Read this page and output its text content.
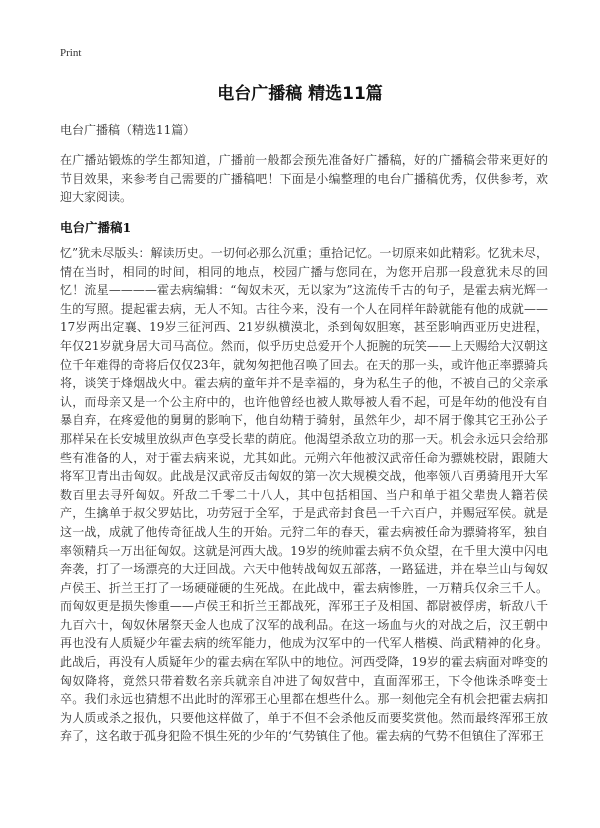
Print
电台广播稿 精选11篇
电台广播稿（精选11篇）

在广播站锻炼的学生都知道，广播前一般都会预先准备好广播稿，好的广播稿会带来更好的节目效果，来参考自己需要的广播稿吧！下面是小编整理的电台广播稿优秀，仅供参考，欢迎大家阅读。

电台广播稿1

忆”犹未尽版头：解读历史。一切何必那么沉重；重拾记忆。一切原来如此精彩。忆犹未尽，情在当时，相同的时间，相同的地点，校园广播与您同在，为您开启那一段意犹未尽的回忆！流星————霍去病编辑：“匈奴未灭，无以家为”这流传千古的句子，是霍去病光辉一生的写照。提起霍去病，无人不知。古往今来，没有一个人在同样年龄就能有他的成就——17岁两出定襄、19岁三征河西、21岁纵横漠北，杀到匈奴胆寒，甚至影响西亚历史进程，年仅21岁就身居大司马高位。然而，似乎历史总爱开个人扼腕的玩笑——上天赐给大汉朝这位千年难得的奇将后仅仅23年，就匆匆把他召唤了回去。在天的那一头，或许他正率骠骑兵将，谈笑于烽烟战火中。霍去病的童年并不是幸福的，身为私生子的他，不被自己的父亲承认，而母亲又是一个公主府中的，也许他曾经也被人欺辱被人看不起，可是年幼的他没有自暴自弃，在疼爱他的舅舅的影响下，他自幼精于骑射，虽然年少，却不屑于像其它王孙公子那样呆在长安城里放纵声色享受长辈的荫庇。他渴望杀敌立功的那一天。机会永远只会给那些有准备的人，对于霍去病来说，尤其如此。元朔六年他被汉武帝任命为骠姚校尉，跟随大将军卫青出击匈奴。此战是汉武帝反击匈奴的第一次大规模交战，他率领八百勇骑甩开大军数百里去寻歼匈奴。歼敌二千零二十八人，其中包括相国、当户和单于祖父辈贵人籍若侯产，生擒单于叔父罗姑比，功劳冠于全军，于是武帝封食邑一千六百户，并赐冠军侯。就是这一战，成就了他传奇征战人生的开始。元狩二年的春天，霍去病被任命为骠骑将军，独自率领精兵一万出征匈奴。这就是河西大战。19岁的统帅霍去病不负众望，在千里大漠中闪电奔袭，打了一场漂亮的大迂回战。六天中他转战匈奴五部落，一路猛进，并在皋兰山与匈奴卢侯王、折兰王打了一场硬碰硬的生死战。在此战中，霍去病惨胜，一万精兵仅余三千人。而匈奴更是损失惨重——卢侯王和折兰王都战死，浑邪王子及相国、都尉被俘虏，斩敌八千九百六十，匈奴休屠祭天金人也成了汉军的战利品。在这一场血与火的对战之后，汉王朝中再也没有人质疑少年霍去病的统军能力，他成为汉军中的一代军人楷模、尚武精神的化身。此战后，再没有人质疑年少的霍去病在军队中的地位。河西受降，19岁的霍去病面对哗变的匈奴降将，竟然只带着数名亲兵就亲自冲进了匈奴营中，直面浑邪王，下令他诛杀哗变士卒。我们永远也猜想不出此时的浑邪王心里都在想些什么。那一刻他完全有机会把霍去病扣为人质或杀之报仇，只要他这样做了，单于不但不会杀他反而要奖赏他。然而最终浑邪王放弃了，这名敢于孤身犯险不惧生死的少年的‘气势镇住了他。霍去病的气势不但镇住了浑邪王
